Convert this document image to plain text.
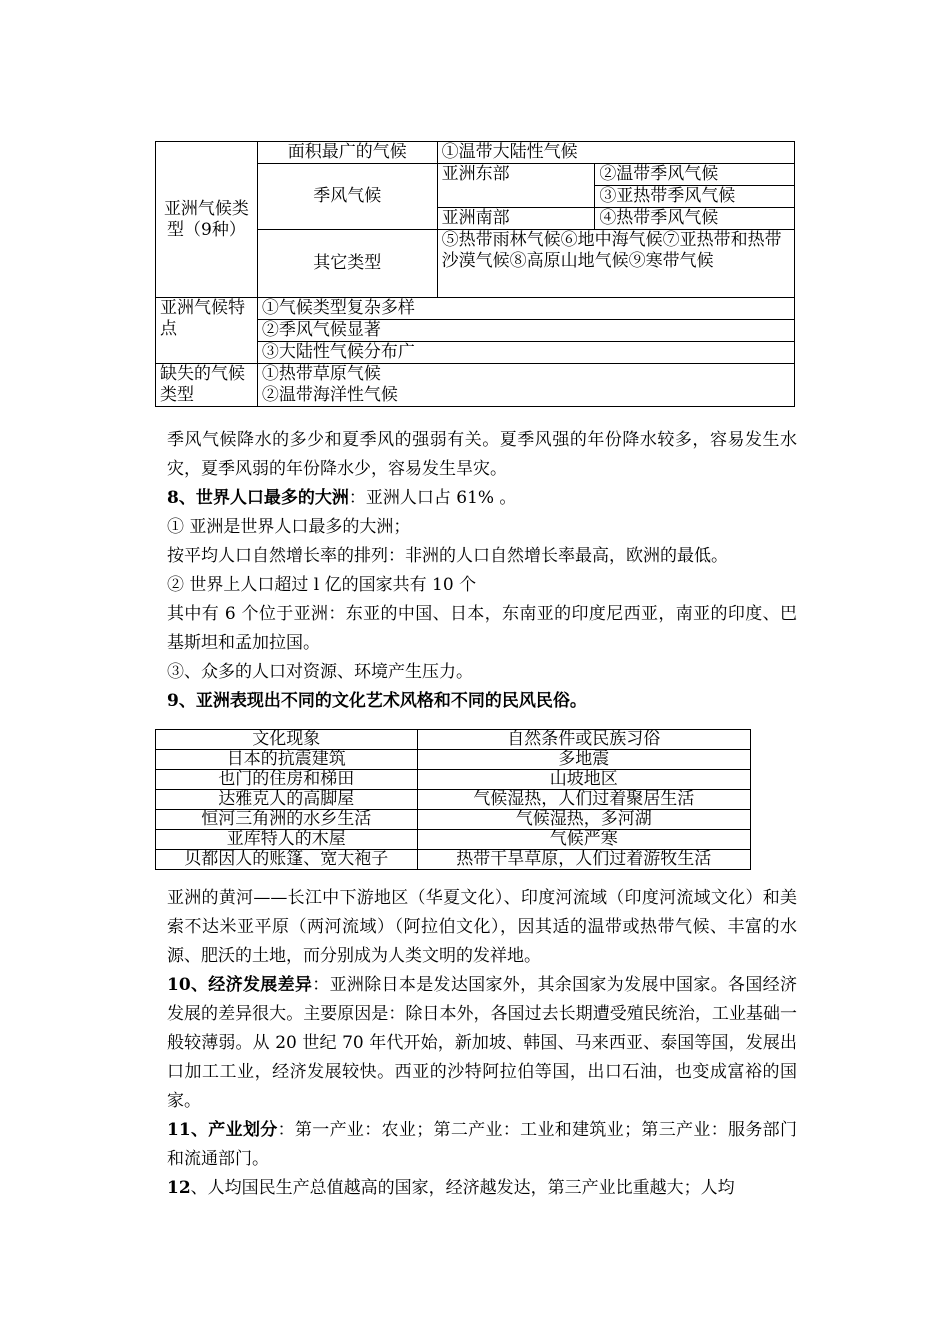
亚洲气候类型（9种）	面积最广的气候	①温带大陆性气候	
	季风气候	亚洲东部	②温带季风气候
			③亚热带季风气候
		亚洲南部	④热带季风气候
	其它类型	⑤热带雨林气候⑥地中海气候⑦亚热带和热带沙漠气候⑧高原山地气候⑨寒带气候	
亚洲气候特点	①气候类型复杂多样		
	②季风气候显著		
	③大陆性气候分布广		
缺失的气候类型	①热带草原气候
②温带海洋性气候		
季风气候降水的多少和夏季风的强弱有关。夏季风强的年份降水较多，容易发生水灾，夏季风弱的年份降水少，容易发生旱灾。
8、世界人口最多的大洲：亚洲人口占 61% 。
① 亚洲是世界人口最多的大洲；
按平均人口自然增长率的排列：非洲的人口自然增长率最高，欧洲的最低。
② 世界上人口超过 l 亿的国家共有 10 个
其中有 6 个位于亚洲：东亚的中国、日本，东南亚的印度尼西亚，南亚的印度、巴基斯坦和孟加拉国。
③、众多的人口对资源、环境产生压力。
9、亚洲表现出不同的文化艺术风格和不同的民风民俗。
文化现象	自然条件或民族习俗
日本的抗震建筑	多地震
也门的住房和梯田	山坡地区
达雅克人的高脚屋	气候湿热，人们过着聚居生活
恒河三角洲的水乡生活	气候湿热，多河湖
亚库特人的木屋	气候严寒
贝都因人的账篷、宽大袍子	热带干旱草原，人们过着游牧生活
亚洲的黄河——长江中下游地区（华夏文化）、印度河流域（印度河流域文化）和美索不达米亚平原（两河流域）（阿拉伯文化），因其适的温带或热带气候、丰富的水源、肥沃的土地，而分别成为人类文明的发祥地。
10、经济发展差异：亚洲除日本是发达国家外，其余国家为发展中国家。各国经济发展的差异很大。主要原因是：除日本外，各国过去长期遭受殖民统治，工业基础一般较薄弱。从 20 世纪 70 年代开始，新加坡、韩国、马来西亚、泰国等国，发展出口加工工业，经济发展较快。西亚的沙特阿拉伯等国，出口石油，也变成富裕的国家。
11、产业划分：第一产业：农业；第二产业：工业和建筑业；第三产业：服务部门和流通部门。
12、人均国民生产总值越高的国家，经济越发达，第三产业比重越大；人均
